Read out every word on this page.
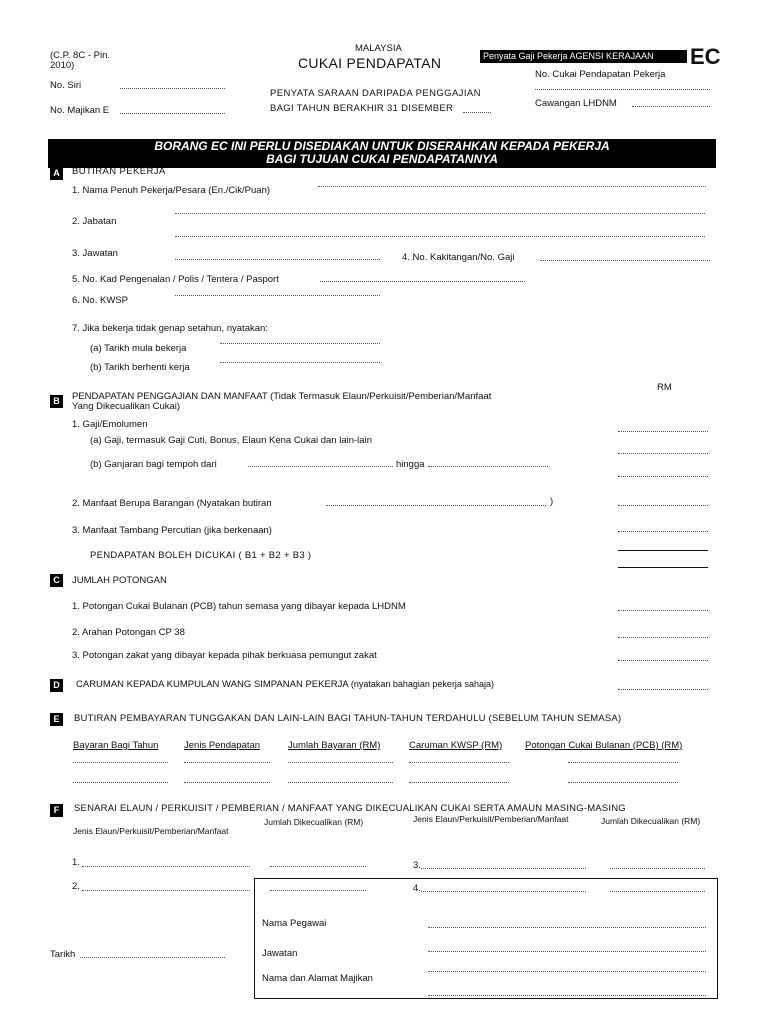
(C.P. 8C - Pin.
2010)
MALAYSIA
CUKAI PENDAPATAN	Penyata Gaji Pekerja AGENSI KERAJAAN	EC
No. Siri
No. Majikan E
PENYATA SARAAN DARIPADA PENGGAJIAN
BAGI TAHUN BERAKHIR 31 DISEMBER
No. Cukai Pendapatan Pekerja
Cawangan LHDNM
BORANG EC INI PERLU DISEDIAKAN UNTUK DISERAHKAN KEPADA PEKERJA
BAGI TUJUAN CUKAI PENDAPATANNYA
A	BUTIRAN PEKERJA
1. Nama Penuh Pekerja/Pesara (En./Cik/Puan)
2. Jabatan
3. Jawatan	4. No. Kakitangan/No. Gaji
5. No. Kad Pengenalan / Polis / Tentera / Pasport
6. No. KWSP
7. Jika bekerja tidak genap setahun, nyatakan:
(a) Tarikh mula bekerja
(b) Tarikh berhenti kerja
RM
B	PENDAPATAN PENGGAJIAN DAN MANFAAT (Tidak Termasuk Elaun/Perkuisit/Pemberian/Manfaat
Yang Dikecualikan Cukai)
1. Gaji/Emolumen
(a) Gaji, termasuk Gaji Cuti, Bonus, Elaun Kena Cukai dan lain-lain
(b) Ganjaran bagi tempoh dari	hingga
2. Manfaat Berupa Barangan (Nyatakan butiran	)
3. Manfaat Tambang Percutian (jika berkenaan)
PENDAPATAN BOLEH DICUKAI ( B1 + B2 + B3 )
C	JUMLAH POTONGAN
1. Potongan Cukai Bulanan (PCB) tahun semasa yang dibayar kepada LHDNM
2. Arahan Potongan CP 38
3. Potongan zakat yang dibayar kepada pihak berkuasa pemungut zakat
D	CARUMAN KEPADA KUMPULAN WANG SIMPANAN PEKERJA (nyatakan bahagian pekerja sahaja)
E	BUTIRAN PEMBAYARAN TUNGGAKAN DAN LAIN-LAIN BAGI TAHUN-TAHUN TERDAHULU (SEBELUM TAHUN SEMASA)
Bayaran Bagi Tahun	Jenis Pendapatan	Jumlah Bayaran (RM)	Caruman KWSP (RM) Potongan Cukai Bulanan (PCB) (RM)
F	SENARAI ELAUN / PERKUISIT / PEMBERIAN / MANFAAT YANG DIKECUALIKAN CUKAI SERTA AMAUN MASING-MASING
Jenis Elaun/Perkuisit/Pemberian/Manfaat
Jumlah Dikecualikan (RM)	Jenis Elaun/Perkuisit/Pemberian/Manfaat	Jumlah Dikecualikan (RM)
1.	3.
2.	4.
Tarikh
Nama Pegawai
Jawatan
Nama dan Alamat Majikan
